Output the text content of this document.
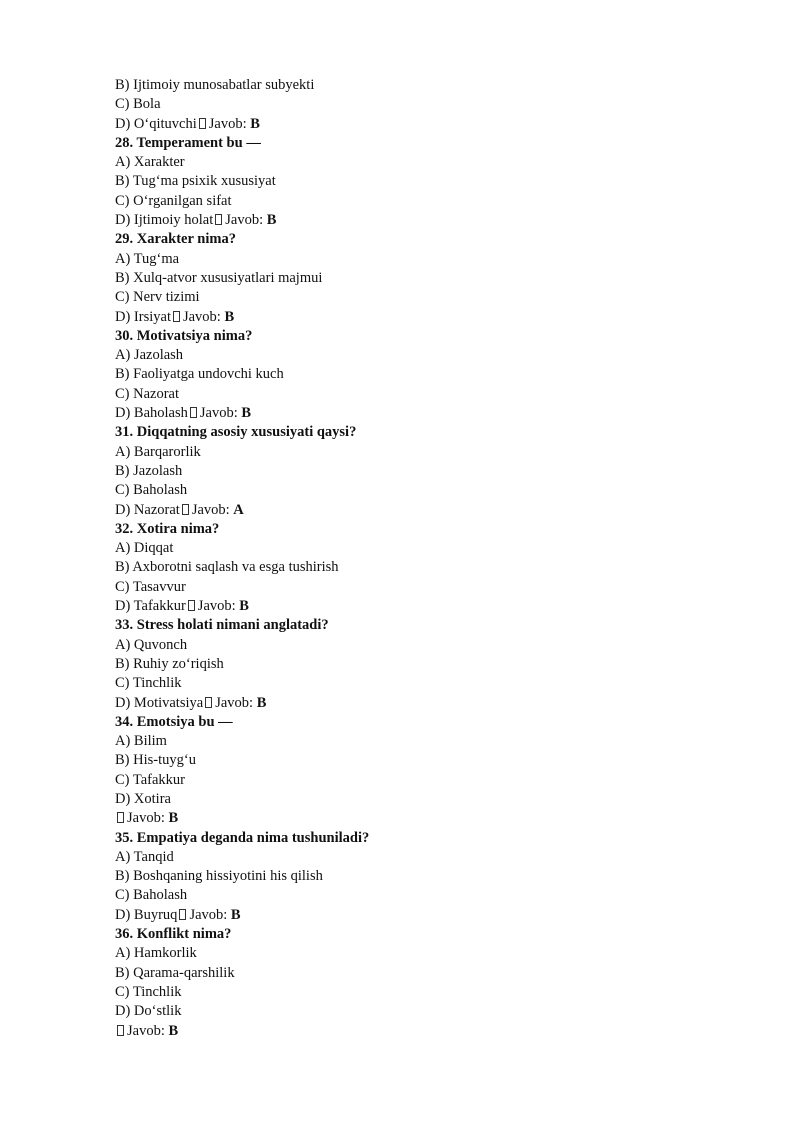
B) Ijtimoiy munosabatlar subyekti
C) Bola
D) O‘qituvchi Javob: B
28. Temperament bu —
A) Xarakter
B) Tug‘ma psixik xususiyat
C) O‘rganilgan sifat
D) Ijtimoiy holat Javob: B
29. Xarakter nima?
A) Tug‘ma
B) Xulq-atvor xususiyatlari majmui
C) Nerv tizimi
D) Irsiyat Javob: B
30. Motivatsiya nima?
A) Jazolash
B) Faoliyatga undovchi kuch
C) Nazorat
D) Baholash Javob: B
31. Diqqatning asosiy xususiyati qaysi?
A) Barqarorlik
B) Jazolash
C) Baholash
D) Nazorat Javob: A
32. Xotira nima?
A) Diqqat
B) Axborotni saqlash va esga tushirish
C) Tasavvur
D) Tafakkur Javob: B
33. Stress holati nimani anglatadi?
A) Quvonch
B) Ruhiy zo‘riqish
C) Tinchlik
D) Motivatsiya Javob: B
34. Emotsiya bu —
A) Bilim
B) His-tuyg‘u
C) Tafakkur
D) Xotira
Javob: B
35. Empatiya deganda nima tushuniladi?
A) Tanqid
B) Boshqaning hissiyotini his qilish
C) Baholash
D) Buyruq Javob: B
36. Konflikt nima?
A) Hamkorlik
B) Qarama-qarshilik
C) Tinchlik
D) Do‘stlik
Javob: B
